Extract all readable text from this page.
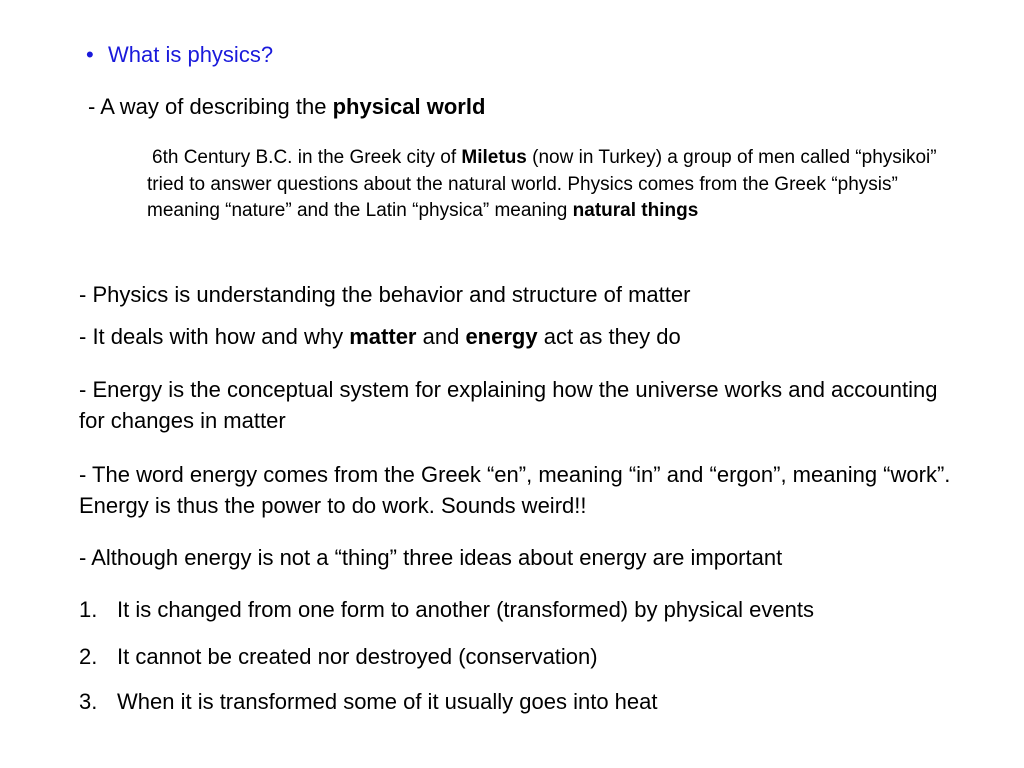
• What is physics?
- A way of describing the physical world
6th Century B.C. in the Greek city of Miletus (now in Turkey) a group of men called “physikoi” tried to answer questions about the natural world. Physics comes from the Greek “physis” meaning “nature” and the Latin “physica” meaning natural things
- Physics is understanding the behavior and structure of matter
- It deals with how and why matter and energy act as they do
- Energy is the conceptual system for explaining how the universe works and accounting for changes in matter
- The word energy comes from the Greek “en”, meaning “in” and “ergon”, meaning “work”. Energy is thus the power to do work. Sounds weird!!
- Although energy is not a “thing” three ideas about energy are important
1. It is changed from one form to another (transformed) by physical events
2. It cannot be created nor destroyed (conservation)
3. When it is transformed some of it usually goes into heat
